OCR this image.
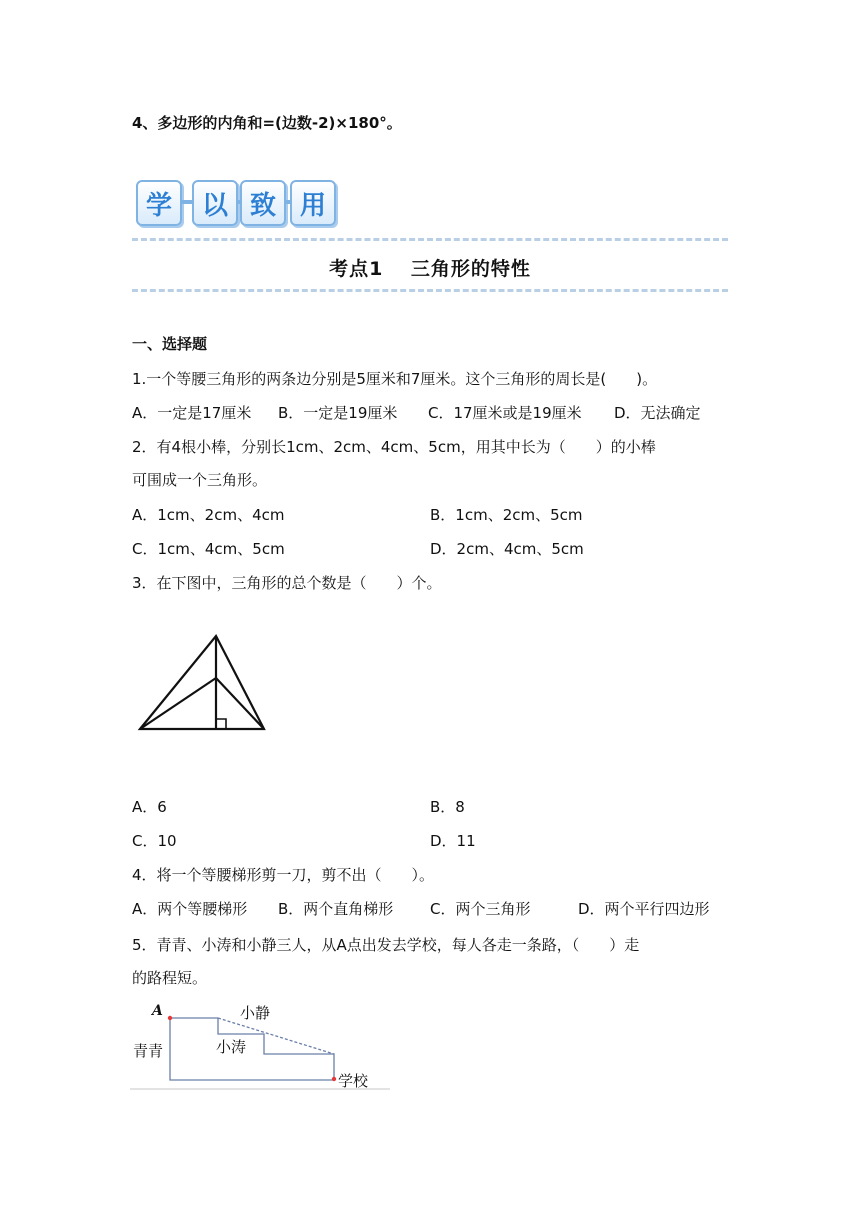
4、多边形的内角和=(边数-2)×180°。
学	以 致 用
考点1　 三角形的特性
一、选择题
1.一个等腰三角形的两条边分别是5厘米和7厘米。这个三角形的周长是(　　)。
A．一定是17厘米 B．一定是19厘米 C．17厘米或是19厘米 D．无法确定
2．有4根小棒，分别长1cm、2cm、4cm、5cm，用其中长为（　　）的小棒
可围成一个三角形。
A．1cm、2cm、4cm	B．1cm、2cm、5cm
C．1cm、4cm、5cm	D．2cm、4cm、5cm
3．在下图中，三角形的总个数是（　　）个。
A．6	B．8
C．10	D．11
4．将一个等腰梯形剪一刀，剪不出（　　）。
A．两个等腰梯形 B．两个直角梯形 C．两个三角形	D．两个平行四边形
5．青青、小涛和小静三人，从A点出发去学校，每人各走一条路，（　　）走
的路程短。
A	小静
小涛
青青
学校
